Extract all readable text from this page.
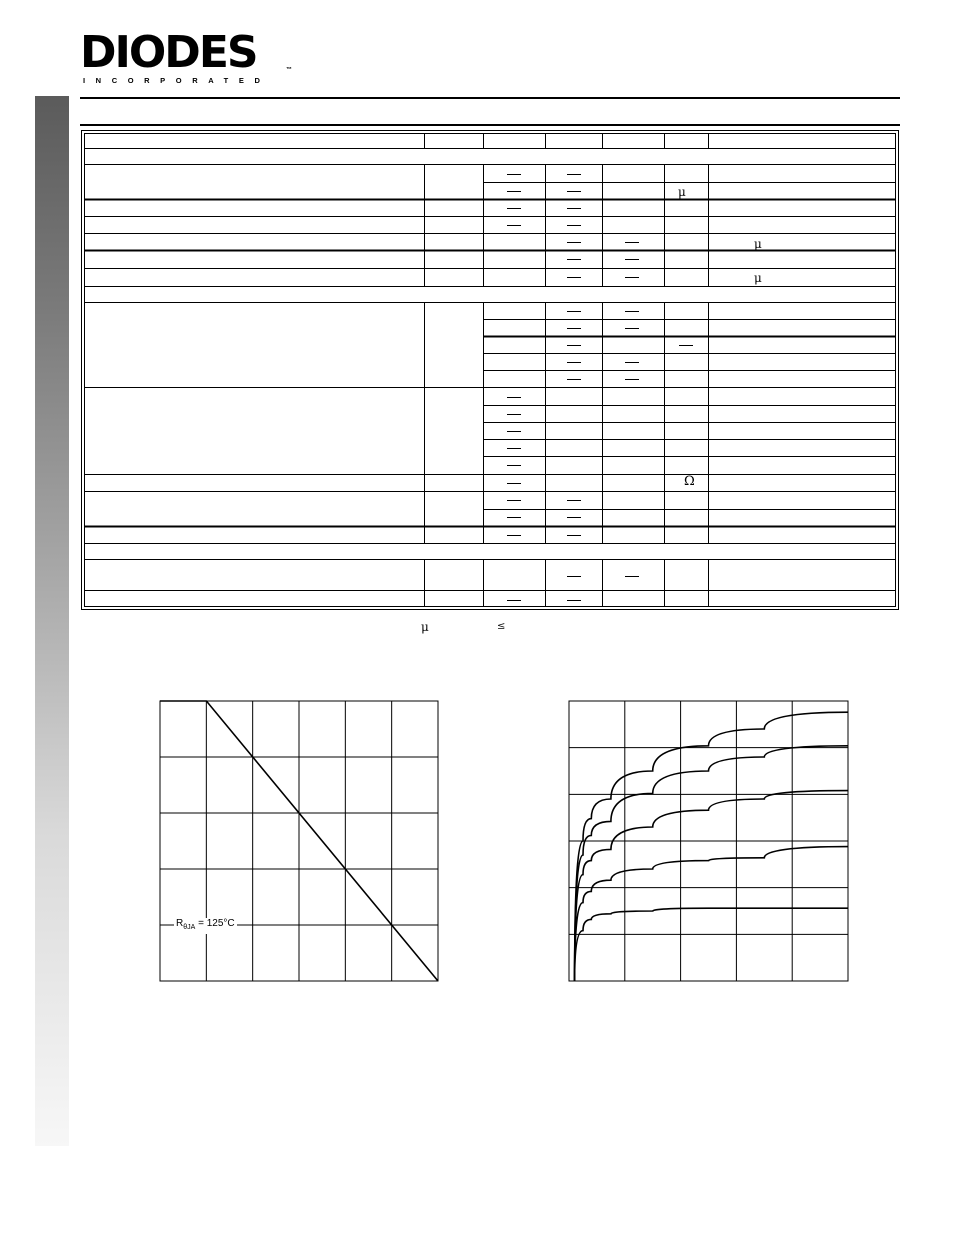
DIODES
INCORPORATED
™
μ
μ
μ
Ω
μ	≤
$R_{\theta JA} = 125^\circ C$
